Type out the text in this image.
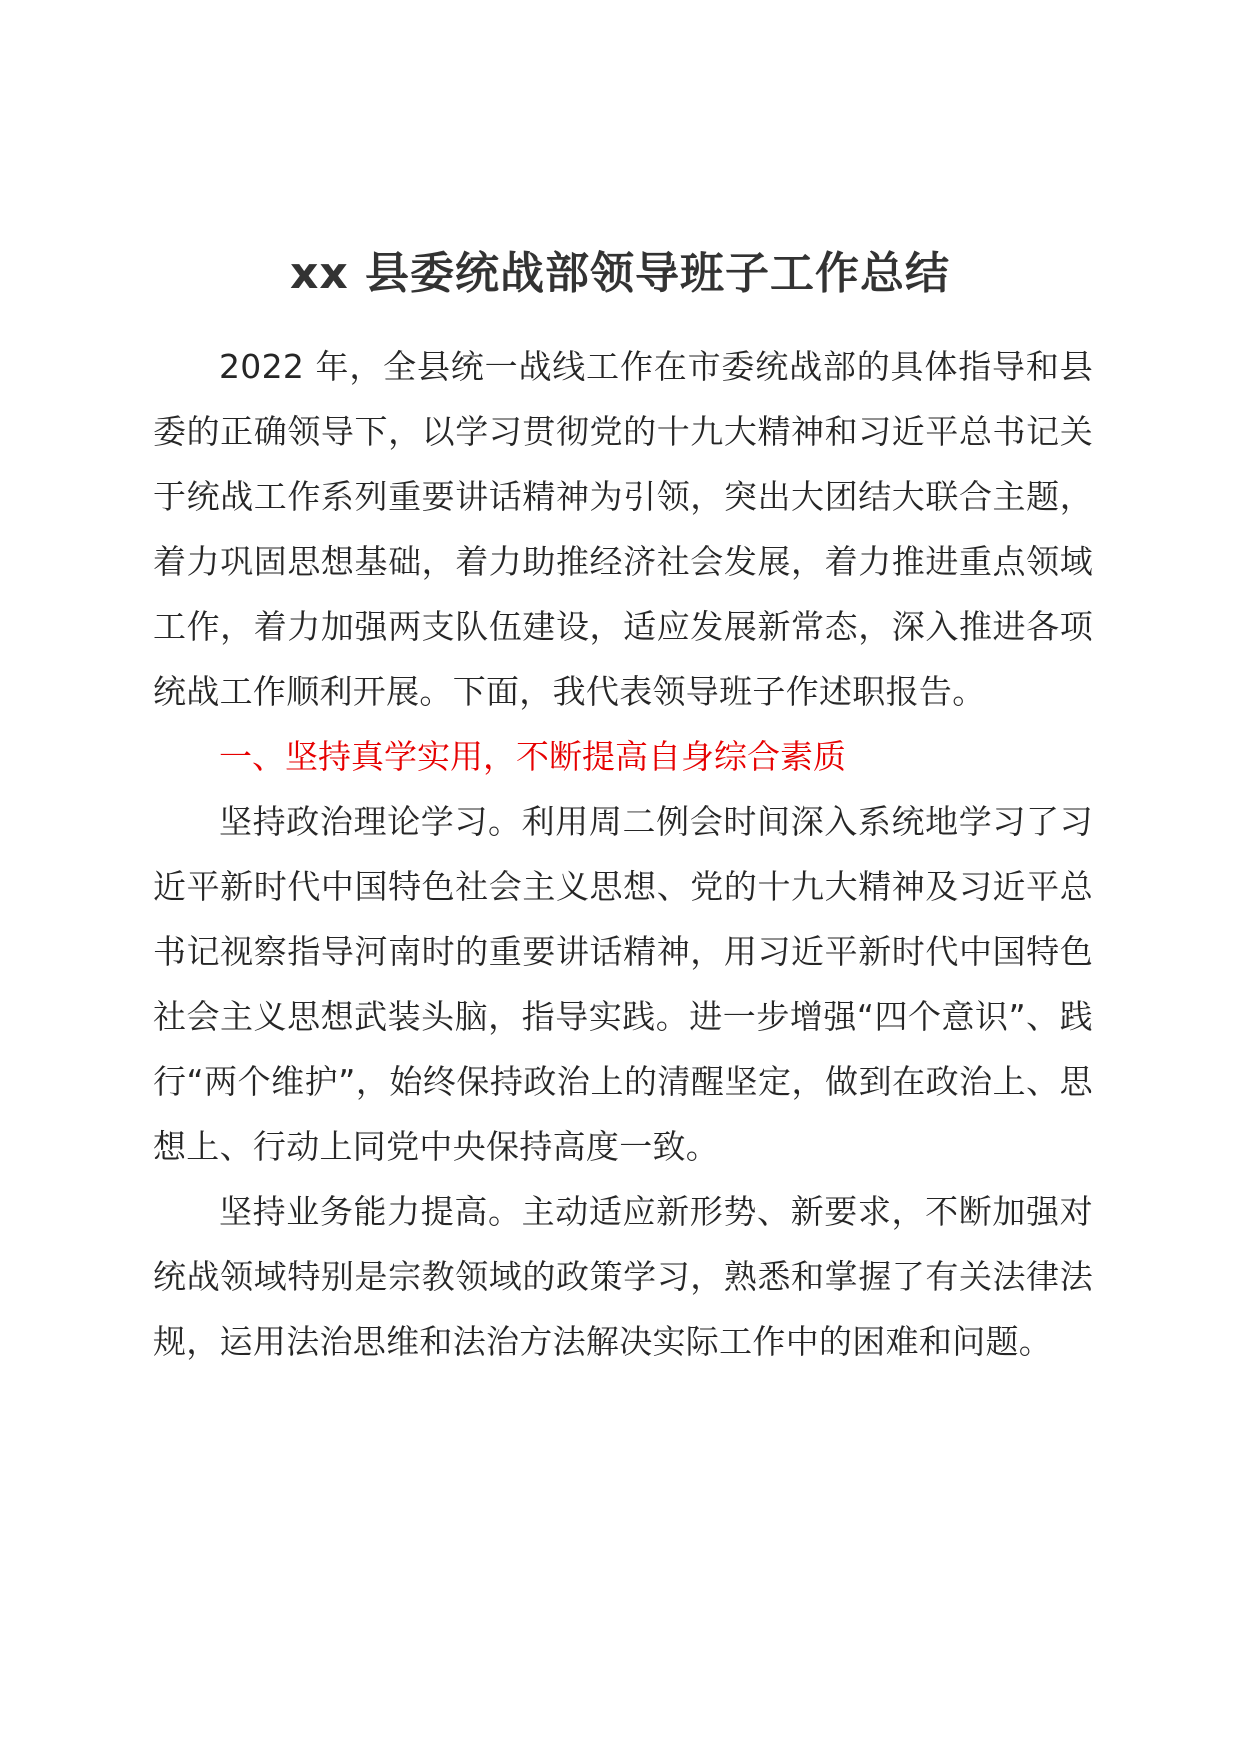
xx 县委统战部领导班子工作总结

2022 年，全县统一战线工作在市委统战部的具体指导和县委的正确领导下，以学习贯彻党的十九大精神和习近平总书记关于统战工作系列重要讲话精神为引领，突出大团结大联合主题，着力巩固思想基础，着力助推经济社会发展，着力推进重点领域工作，着力加强两支队伍建设，适应发展新常态，深入推进各项统战工作顺利开展。下面，我代表领导班子作述职报告。

一、坚持真学实用，不断提高自身综合素质

坚持政治理论学习。利用周二例会时间深入系统地学习了习近平新时代中国特色社会主义思想、党的十九大精神及习近平总书记视察指导河南时的重要讲话精神，用习近平新时代中国特色社会主义思想武装头脑，指导实践。进一步增强“四个意识”、践行“两个维护”，始终保持政治上的清醒坚定，做到在政治上、思想上、行动上同党中央保持高度一致。

坚持业务能力提高。主动适应新形势、新要求，不断加强对统战领域特别是宗教领域的政策学习，熟悉和掌握了有关法律法规，运用法治思维和法治方法解决实际工作中的困难和问题。
